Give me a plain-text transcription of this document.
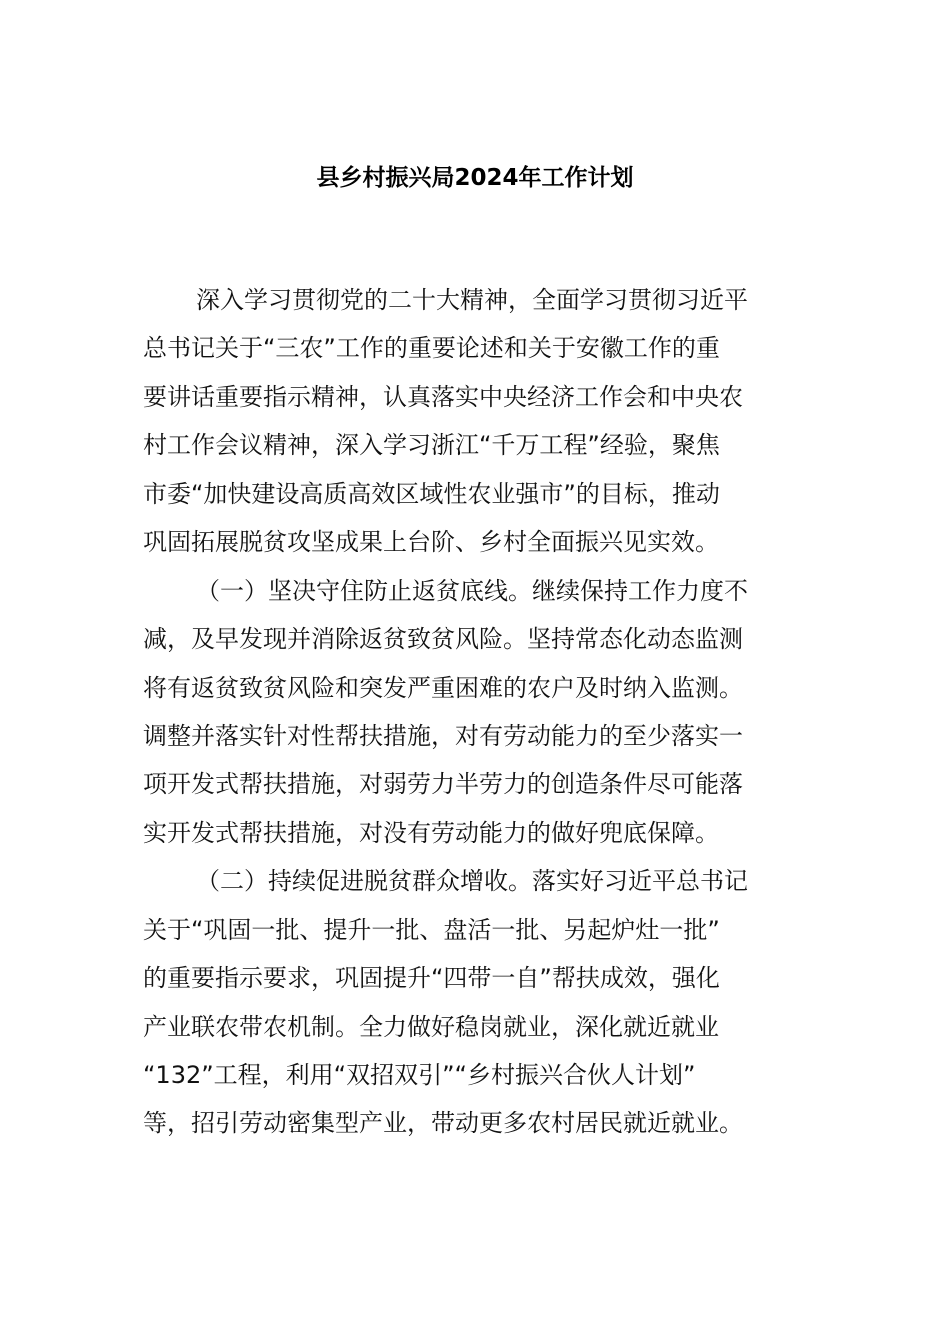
县乡村振兴局2024年工作计划
深入学习贯彻党的二十大精神，全面学习贯彻习近平
总书记关于“三农”工作的重要论述和关于安徽工作的重
要讲话重要指示精神，认真落实中央经济工作会和中央农
村工作会议精神，深入学习浙江“千万工程”经验，聚焦
市委“加快建设高质高效区域性农业强市”的目标，推动
巩固拓展脱贫攻坚成果上台阶、乡村全面振兴见实效。
（一）坚决守住防止返贫底线。继续保持工作力度不
减，及早发现并消除返贫致贫风险。坚持常态化动态监测
将有返贫致贫风险和突发严重困难的农户及时纳入监测。
调整并落实针对性帮扶措施，对有劳动能力的至少落实一
项开发式帮扶措施，对弱劳力半劳力的创造条件尽可能落
实开发式帮扶措施，对没有劳动能力的做好兜底保障。
（二）持续促进脱贫群众增收。落实好习近平总书记
关于“巩固一批、提升一批、盘活一批、另起炉灶一批”
的重要指示要求，巩固提升“四带一自”帮扶成效，强化
产业联农带农机制。全力做好稳岗就业，深化就近就业
“132”工程，利用“双招双引”“乡村振兴合伙人计划”
等，招引劳动密集型产业，带动更多农村居民就近就业。
